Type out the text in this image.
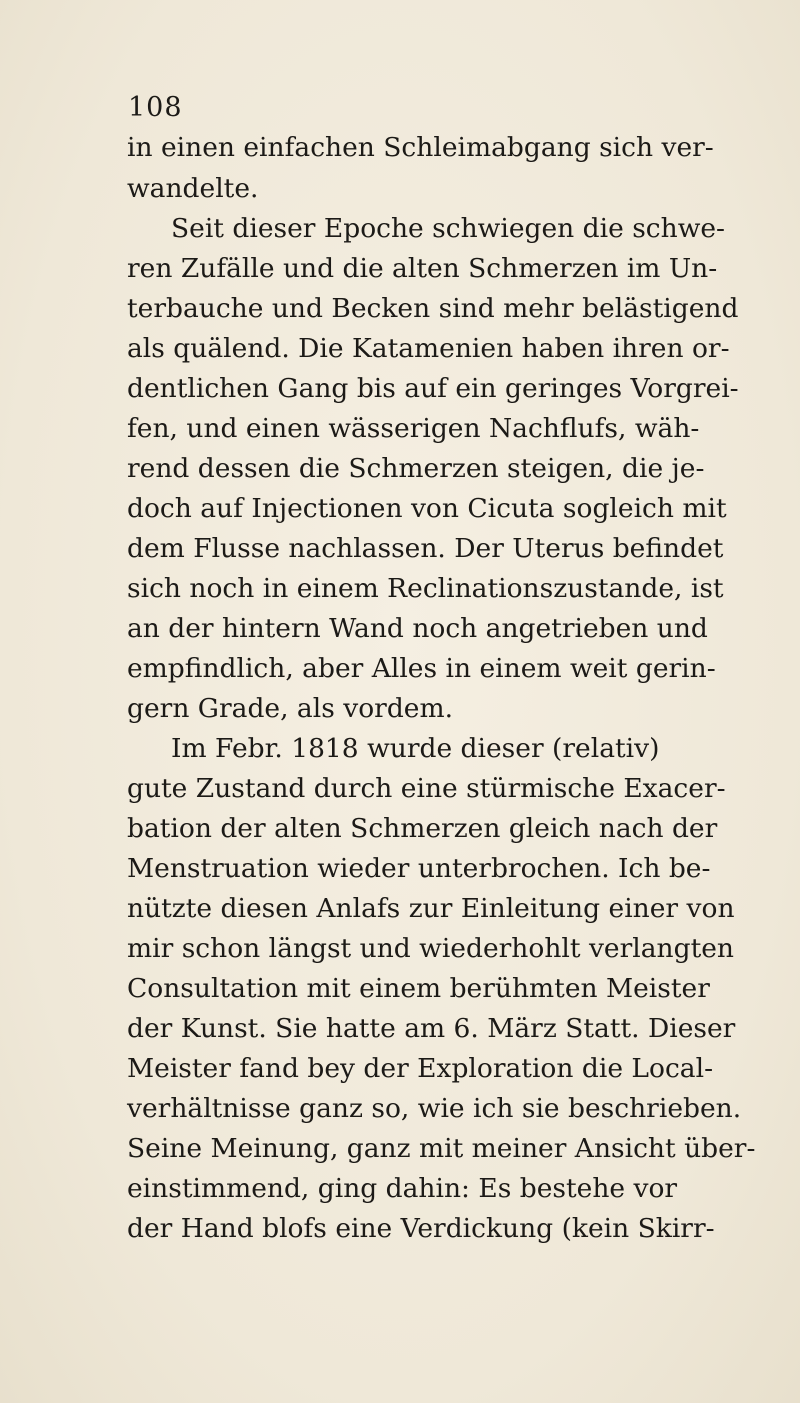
108
in einen einfachen Schleimabgang sich ver-
wandelte.
Seit dieser Epoche schwiegen die schwe-
ren Zufälle und die alten Schmerzen im Un-
terbauche und Becken sind mehr belästigend
als quälend. Die Katamenien haben ihren or-
dentlichen Gang bis auf ein geringes Vorgrei-
fen, und einen wässerigen Nachflufs, wäh-
rend dessen die Schmerzen steigen, die je-
doch auf Injectionen von Cicuta sogleich mit
dem Flusse nachlassen. Der Uterus befindet
sich noch in einem Reclinationszustande, ist
an der hintern Wand noch angetrieben und
empfindlich, aber Alles in einem weit gerin-
gern Grade, als vordem.
Im Febr. 1818 wurde dieser (relativ)
gute Zustand durch eine stürmische Exacer-
bation der alten Schmerzen gleich nach der
Menstruation wieder unterbrochen. Ich be-
nützte diesen Anlafs zur Einleitung einer von
mir schon längst und wiederhohlt verlangten
Consultation mit einem berühmten Meister
der Kunst. Sie hatte am 6. März Statt. Dieser
Meister fand bey der Exploration die Local-
verhältnisse ganz so, wie ich sie beschrieben.
Seine Meinung, ganz mit meiner Ansicht über-
einstimmend, ging dahin: Es bestehe vor
der Hand blofs eine Verdickung (kein Skirr-
